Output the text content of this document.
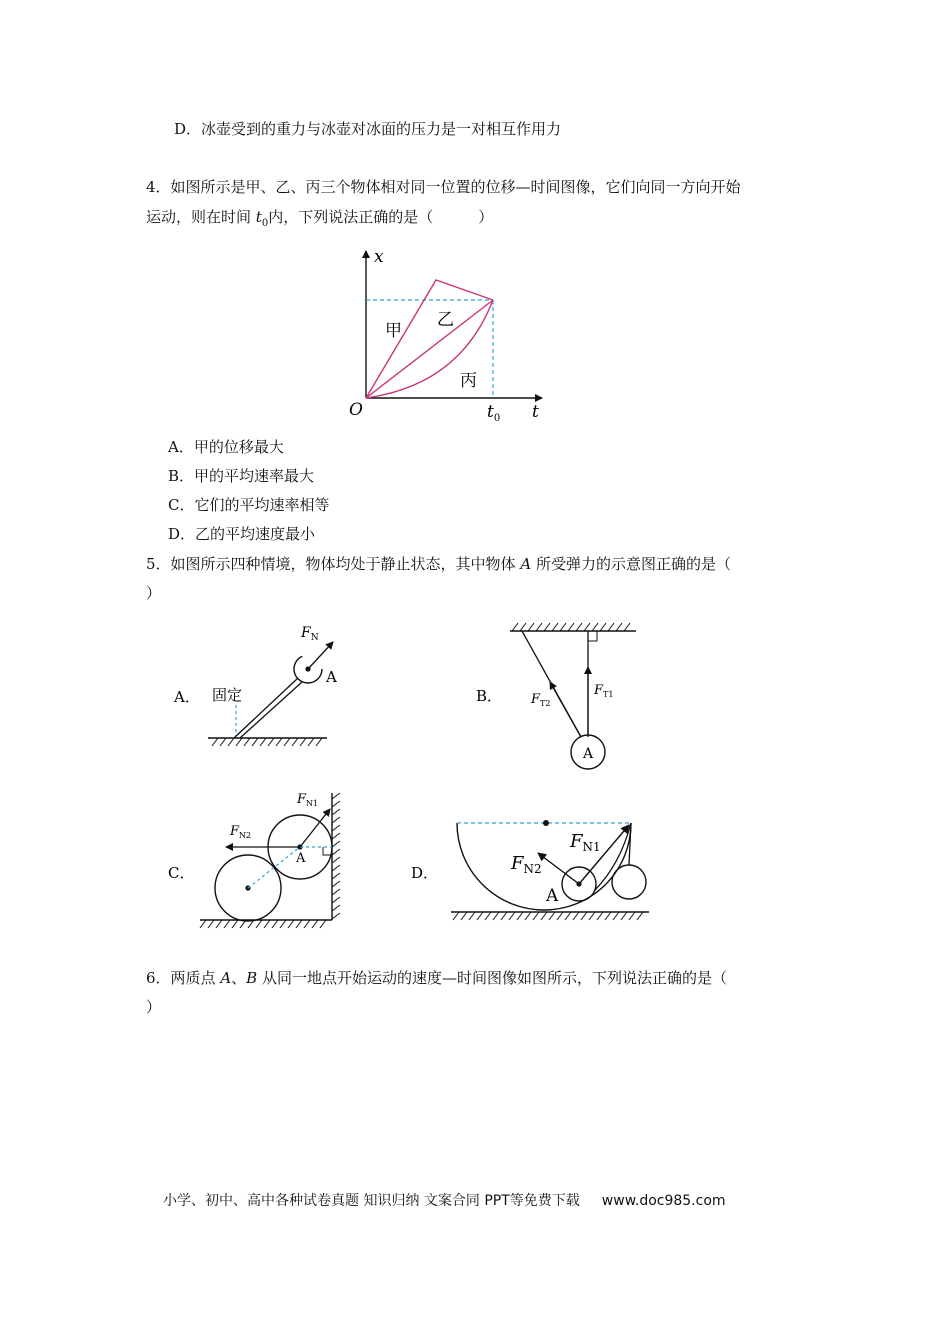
D．冰壶受到的重力与冰壶对冰面的压力是一对相互作用力
4．如图所示是甲、乙、丙三个物体相对同一位置的位移—时间图像，它们向同一方向开始
运动，则在时间 $t_0$内，下列说法正确的是（　　　）
x
t
O	$t_0$
甲
乙
丙
A．甲的位移最大
B．甲的平均速率最大
C．它们的平均速率相等
D．乙的平均速度最小
5．如图所示四种情境，物体均处于静止状态，其中物体 A 所受弹力的示意图正确的是（
）
A． 固定
$F_N$
A
B．
A
$F_{T1}$
$F_{T2}$
C．
A
$F_{N1}$
$F_{N2}$
D．
A
$F_{N1}$
$F_{N2}$
6．两质点 A、B 从同一地点开始运动的速度—时间图像如图所示，下列说法正确的是（
）
小学、初中、高中各种试卷真题 知识归纳 文案合同 PPT等免费下载 www.doc985.com
